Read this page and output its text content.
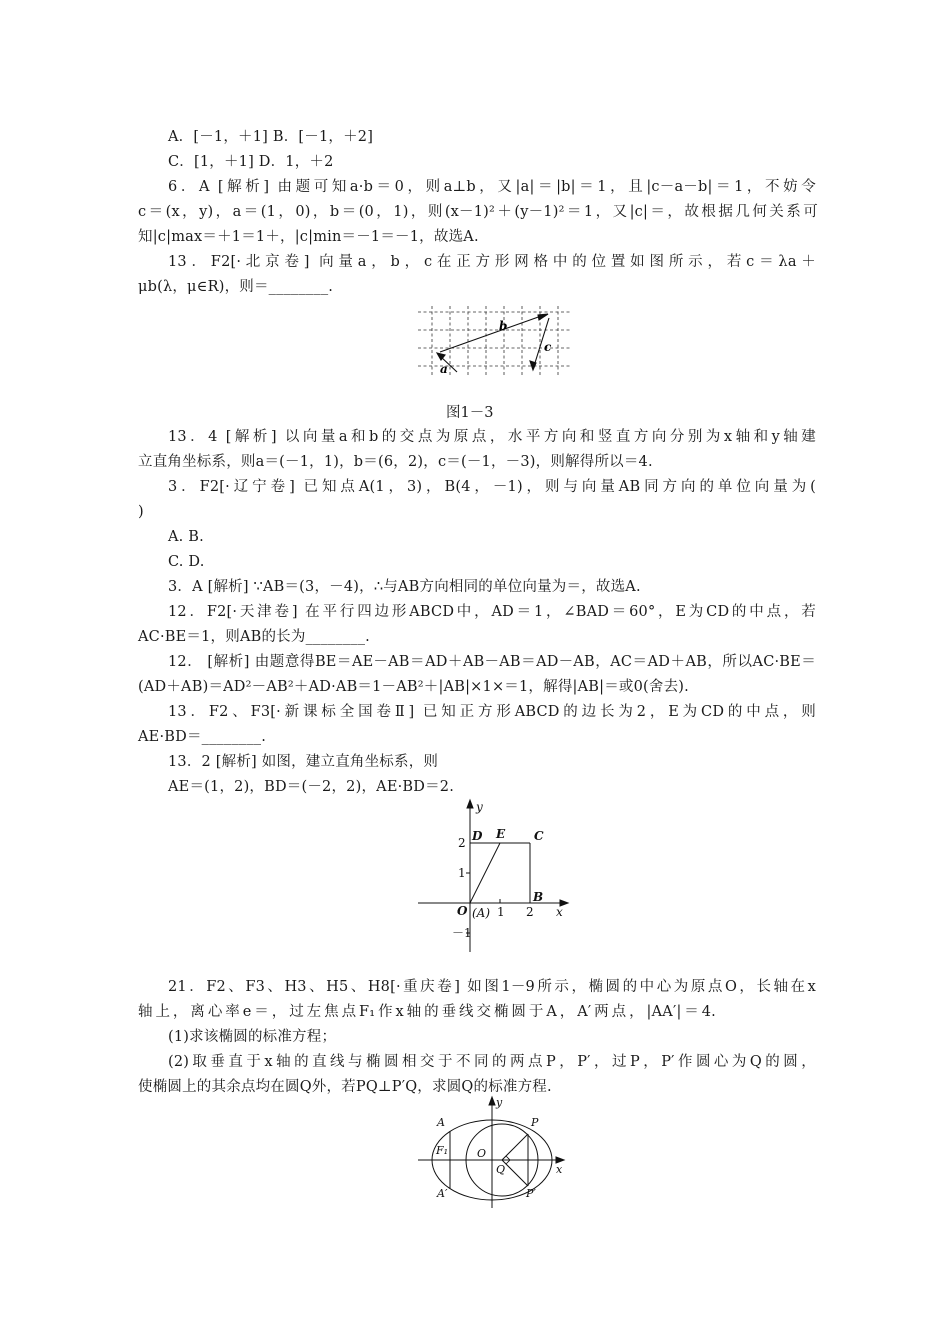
A．[－1，＋1] B．[－1，＋2]
C．[1，＋1] D．1，＋2
6．A [解析] 由题可知a·b＝0，则a⊥b，又|a|＝|b|＝1，且|c－a－b|＝1，不妨令
c＝(x，y)，a＝(1，0)，b＝(0，1)，则(x－1)²＋(y－1)²＝1，又|c|＝，故根据几何关系可
知|c|max＝＋1＝1＋，|c|min＝－1＝－1，故选A.
13．F2[·北京卷] 向量a，b，c在正方形网格中的位置如图所示，若c＝λa＋
μb(λ，μ∈R)，则＝________.
b
c
a
图1－3
13．4 [解析] 以向量a和b的交点为原点，水平方向和竖直方向分别为x轴和y轴建
立直角坐标系，则a＝(－1，1)，b＝(6，2)，c＝(－1，－3)，则解得所以＝4.
3．F2[·辽宁卷] 已知点A(1，3)，B(4，－1)，则与向量AB同方向的单位向量为(
)
A. B.
C. D.
3．A [解析] ∵AB＝(3，－4)，∴与AB方向相同的单位向量为＝，故选A.
12．F2[·天津卷] 在平行四边形ABCD中，AD＝1，∠BAD＝60°，E为CD的中点，若
AC·BE＝1，则AB的长为________.
12． [解析] 由题意得BE＝AE－AB＝AD＋AB－AB＝AD－AB，AC＝AD＋AB，所以AC·BE＝
(AD＋AB)＝AD²－AB²＋AD·AB＝1－AB²＋|AB|×1×＝1，解得|AB|＝或0(舍去).
13．F2、F3[·新课标全国卷Ⅱ] 已知正方形ABCD的边长为2，E为CD的中点，则
AE·BD＝________.
13．2 [解析] 如图，建立直角坐标系，则
AE＝(1，2)，BD＝(－2，2)，AE·BD＝2.
y
D E C
2
1
O (A) 1 2
B
x
－1
21．F2、F3、H3、H5、H8[·重庆卷] 如图1－9所示，椭圆的中心为原点O，长轴在x
轴上，离心率e＝，过左焦点F₁作x轴的垂线交椭圆于A，A′两点，|AA′|＝4.
(1)求该椭圆的标准方程；
(2)取垂直于x轴的直线与椭圆相交于不同的两点P，P′，过P，P′作圆心为Q的圆，
使椭圆上的其余点均在圆Q外，若PQ⊥P′Q，求圆Q的标准方程.
y
A	P
F₁	O
Q	x
A′	P′
